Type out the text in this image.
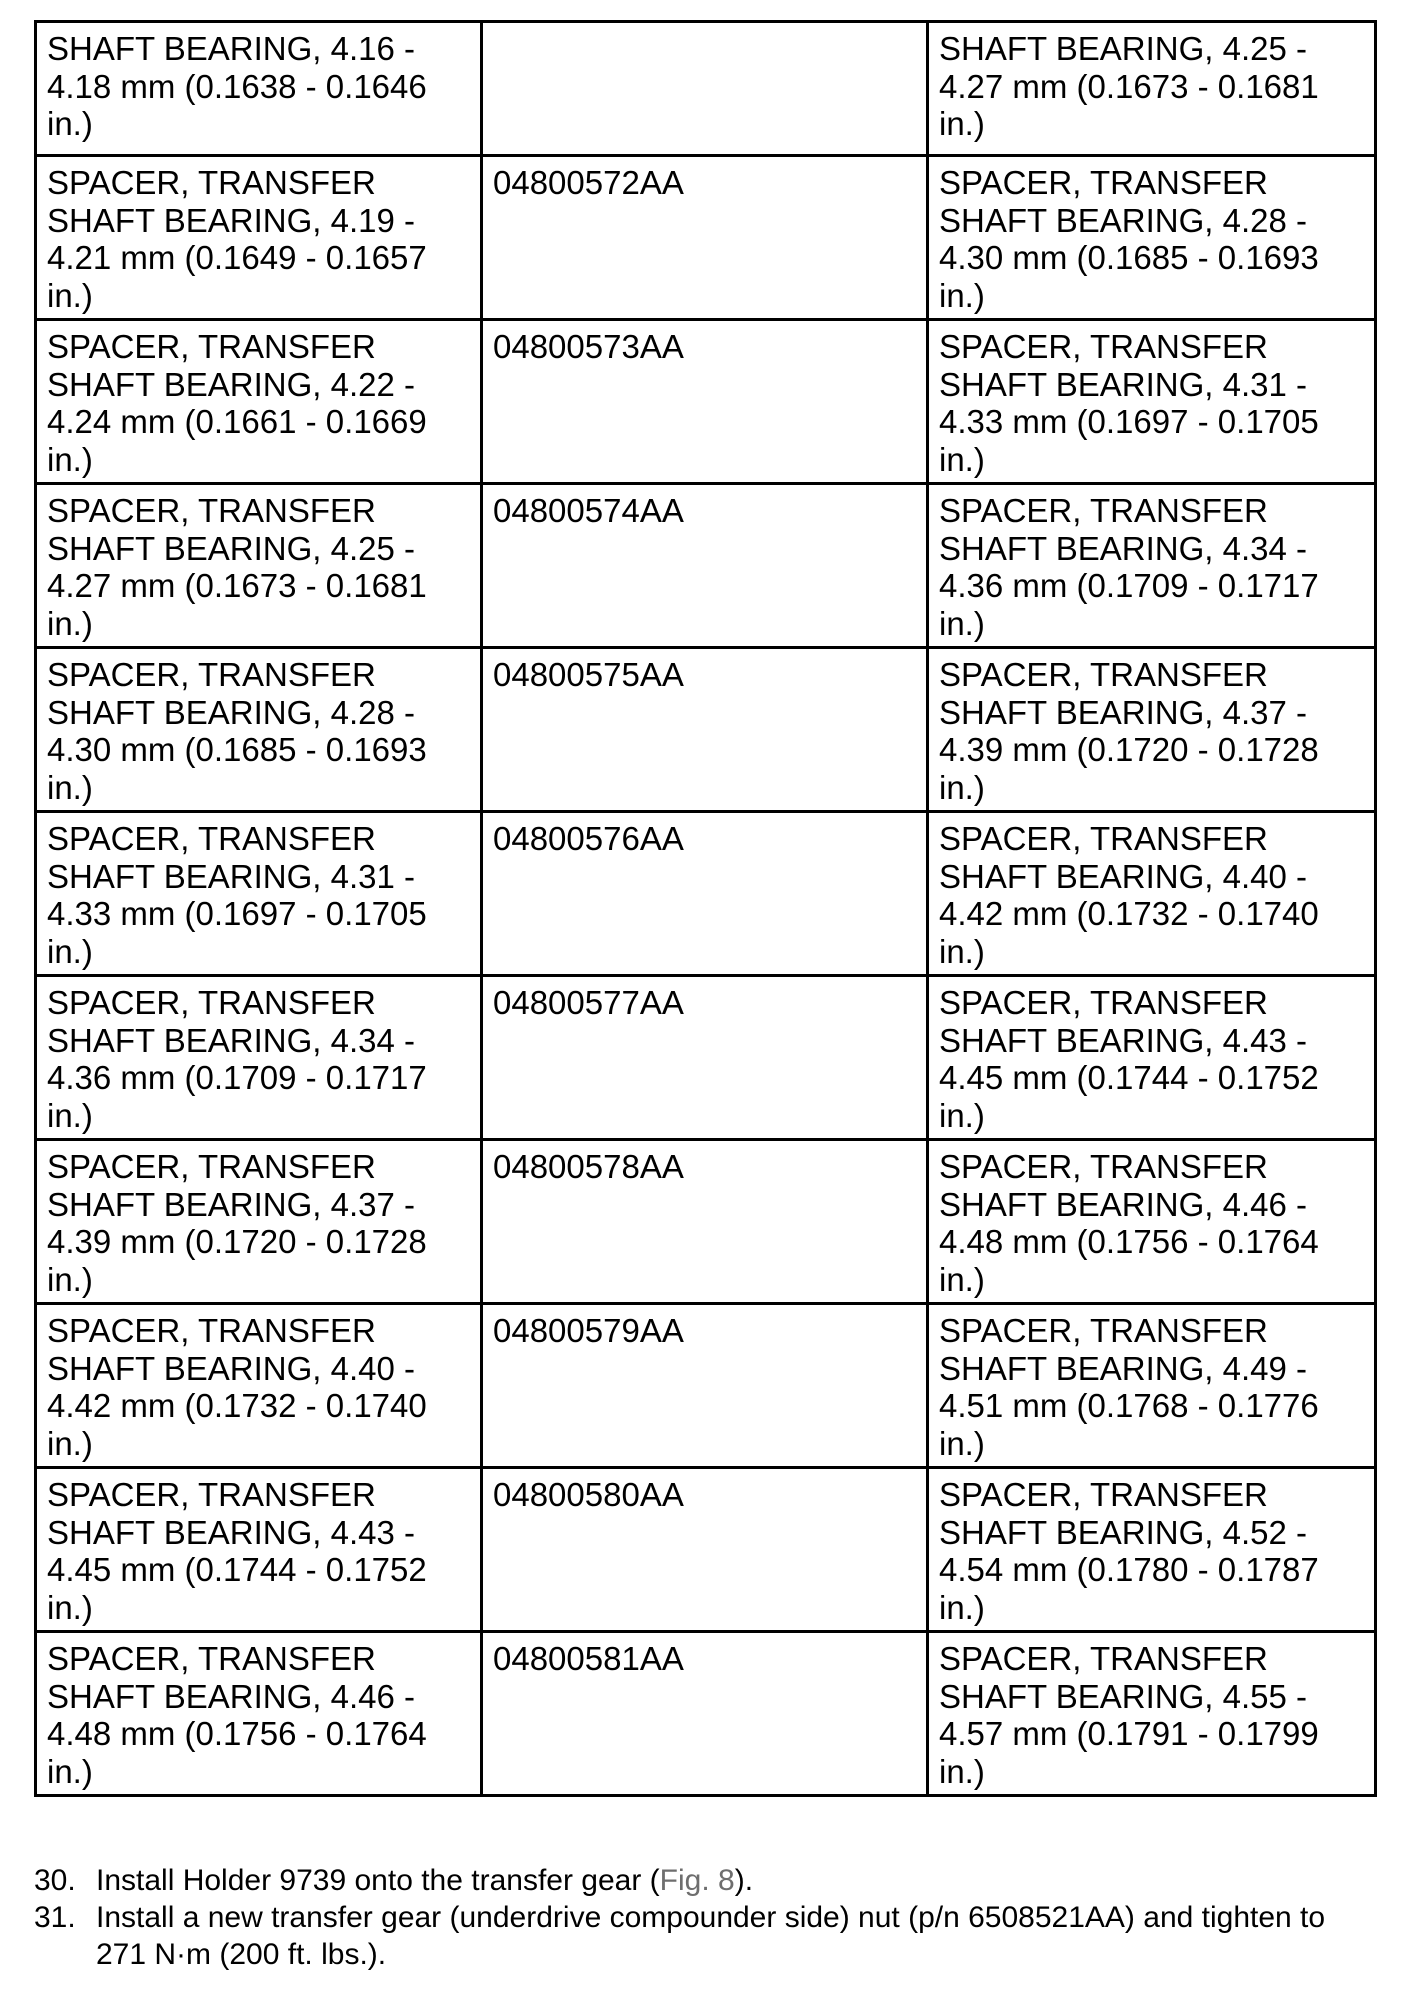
SHAFT BEARING, 4.16 - 4.18 mm (0.1638 - 0.1646 in.)		SHAFT BEARING, 4.25 - 4.27 mm (0.1673 - 0.1681 in.)

SPACER, TRANSFER SHAFT BEARING, 4.19 - 4.21 mm (0.1649 - 0.1657 in.)	04800572AA	SPACER, TRANSFER SHAFT BEARING, 4.28 - 4.30 mm (0.1685 - 0.1693 in.)

SPACER, TRANSFER SHAFT BEARING, 4.22 - 4.24 mm (0.1661 - 0.1669 in.)	04800573AA	SPACER, TRANSFER SHAFT BEARING, 4.31 - 4.33 mm (0.1697 - 0.1705 in.)

SPACER, TRANSFER SHAFT BEARING, 4.25 - 4.27 mm (0.1673 - 0.1681 in.)	04800574AA	SPACER, TRANSFER SHAFT BEARING, 4.34 - 4.36 mm (0.1709 - 0.1717 in.)

SPACER, TRANSFER SHAFT BEARING, 4.28 - 4.30 mm (0.1685 - 0.1693 in.)	04800575AA	SPACER, TRANSFER SHAFT BEARING, 4.37 - 4.39 mm (0.1720 - 0.1728 in.)

SPACER, TRANSFER SHAFT BEARING, 4.31 - 4.33 mm (0.1697 - 0.1705 in.)	04800576AA	SPACER, TRANSFER SHAFT BEARING, 4.40 - 4.42 mm (0.1732 - 0.1740 in.)

SPACER, TRANSFER SHAFT BEARING, 4.34 - 4.36 mm (0.1709 - 0.1717 in.)	04800577AA	SPACER, TRANSFER SHAFT BEARING, 4.43 - 4.45 mm (0.1744 - 0.1752 in.)

SPACER, TRANSFER SHAFT BEARING, 4.37 - 4.39 mm (0.1720 - 0.1728 in.)	04800578AA	SPACER, TRANSFER SHAFT BEARING, 4.46 - 4.48 mm (0.1756 - 0.1764 in.)

SPACER, TRANSFER SHAFT BEARING, 4.40 - 4.42 mm (0.1732 - 0.1740 in.)	04800579AA	SPACER, TRANSFER SHAFT BEARING, 4.49 - 4.51 mm (0.1768 - 0.1776 in.)

SPACER, TRANSFER SHAFT BEARING, 4.43 - 4.45 mm (0.1744 - 0.1752 in.)	04800580AA	SPACER, TRANSFER SHAFT BEARING, 4.52 - 4.54 mm (0.1780 - 0.1787 in.)

SPACER, TRANSFER SHAFT BEARING, 4.46 - 4.48 mm (0.1756 - 0.1764 in.)	04800581AA	SPACER, TRANSFER SHAFT BEARING, 4.55 - 4.57 mm (0.1791 - 0.1799 in.)
30. Install Holder 9739 onto the transfer gear (Fig. 8).
31. Install a new transfer gear (underdrive compounder side) nut (p/n 6508521AA) and tighten to 271 N·m (200 ft. lbs.).
